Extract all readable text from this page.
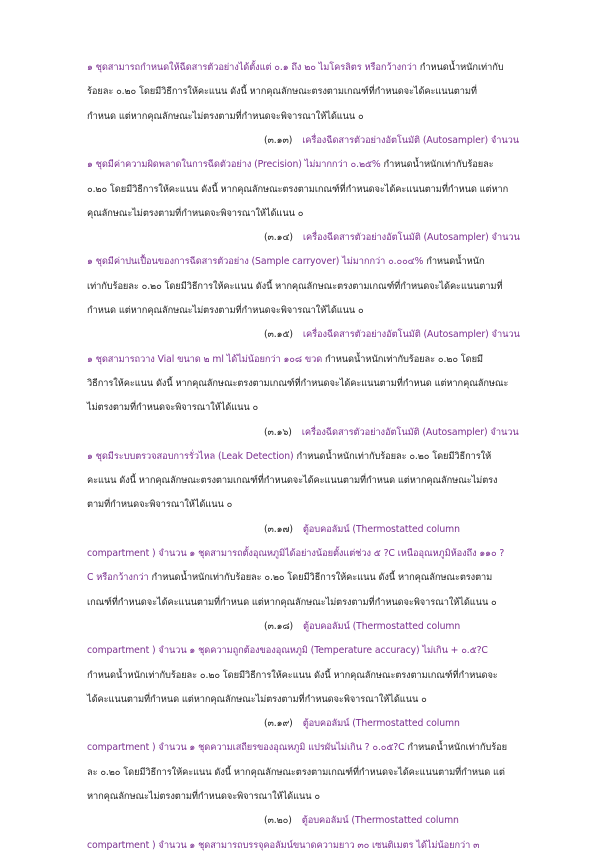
๑ ชุดสามารถกำหนดให้ฉีดสารตัวอย่างได้ตั้งแต่ ๐.๑ ถึง ๒๐ ไมโครลิตร หรือกว้างกว่า กำหนดน้ำหนักเท่ากับ
ร้อยละ ๐.๒๐ โดยมีวิธีการให้คะแนน ดังนี้ หากคุณลักษณะตรงตามเกณฑ์ที่กำหนดจะได้คะแนนตามที่
กำหนด แต่หากคุณลักษณะไม่ตรงตามที่กำหนดจะพิจารณาให้ได้แนน ๐
(๓.๑๓) เครื่องฉีดสารตัวอย่างอัตโนมัติ (Autosampler) จำนวน
๑ ชุดมีค่าความผิดพลาดในการฉีดตัวอย่าง (Precision) ไม่มากกว่า ๐.๒๕% กำหนดน้ำหนักเท่ากับร้อยละ
๐.๒๐ โดยมีวิธีการให้คะแนน ดังนี้ หากคุณลักษณะตรงตามเกณฑ์ที่กำหนดจะได้คะแนนตามที่กำหนด แต่หาก
คุณลักษณะไม่ตรงตามที่กำหนดจะพิจารณาให้ได้แนน ๐
(๓.๑๔) เครื่องฉีดสารตัวอย่างอัตโนมัติ (Autosampler) จำนวน
๑ ชุดมีค่าปนเปื้อนของการฉีดสารตัวอย่าง (Sample carryover) ไม่มากกว่า ๐.๐๐๔% กำหนดน้ำหนัก
เท่ากับร้อยละ ๐.๒๐ โดยมีวิธีการให้คะแนน ดังนี้ หากคุณลักษณะตรงตามเกณฑ์ที่กำหนดจะได้คะแนนตามที่
กำหนด แต่หากคุณลักษณะไม่ตรงตามที่กำหนดจะพิจารณาให้ได้แนน ๐
(๓.๑๕) เครื่องฉีดสารตัวอย่างอัตโนมัติ (Autosampler) จำนวน
๑ ชุดสามารถวาง Vial ขนาด ๒ ml ได้ไม่น้อยกว่า ๑๐๘ ขวด กำหนดน้ำหนักเท่ากับร้อยละ ๐.๒๐ โดยมี
วิธีการให้คะแนน ดังนี้ หากคุณลักษณะตรงตามเกณฑ์ที่กำหนดจะได้คะแนนตามที่กำหนด แต่หากคุณลักษณะ
ไม่ตรงตามที่กำหนดจะพิจารณาให้ได้แนน ๐
(๓.๑๖) เครื่องฉีดสารตัวอย่างอัตโนมัติ (Autosampler) จำนวน
๑ ชุดมีระบบตรวจสอบการรั่วไหล (Leak Detection) กำหนดน้ำหนักเท่ากับร้อยละ ๐.๒๐ โดยมีวิธีการให้
คะแนน ดังนี้ หากคุณลักษณะตรงตามเกณฑ์ที่กำหนดจะได้คะแนนตามที่กำหนด แต่หากคุณลักษณะไม่ตรง
ตามที่กำหนดจะพิจารณาให้ได้แนน ๐
(๓.๑๗) ตู้อบคอลัมน์ (Thermostatted column
compartment ) จำนวน ๑ ชุดสามารถตั้งอุณหภูมิได้อย่างน้อยตั้งแต่ช่วง ๕ ?C เหนืออุณหภูมิห้องถึง ๑๑๐ ?
C หรือกว้างกว่า กำหนดน้ำหนักเท่ากับร้อยละ ๐.๒๐ โดยมีวิธีการให้คะแนน ดังนี้ หากคุณลักษณะตรงตาม
เกณฑ์ที่กำหนดจะได้คะแนนตามที่กำหนด แต่หากคุณลักษณะไม่ตรงตามที่กำหนดจะพิจารณาให้ได้แนน ๐
(๓.๑๘) ตู้อบคอลัมน์ (Thermostatted column
compartment ) จำนวน ๑ ชุดความถูกต้องของอุณหภูมิ (Temperature accuracy) ไม่เกิน + ๐.๕?C
กำหนดน้ำหนักเท่ากับร้อยละ ๐.๒๐ โดยมีวิธีการให้คะแนน ดังนี้ หากคุณลักษณะตรงตามเกณฑ์ที่กำหนดจะ
ได้คะแนนตามที่กำหนด แต่หากคุณลักษณะไม่ตรงตามที่กำหนดจะพิจารณาให้ได้แนน ๐
(๓.๑๙) ตู้อบคอลัมน์ (Thermostatted column
compartment ) จำนวน ๑ ชุดความเสถียรของอุณหภูมิ แปรผันไม่เกิน ? ๐.๐๕?C กำหนดน้ำหนักเท่ากับร้อย
ละ ๐.๒๐ โดยมีวิธีการให้คะแนน ดังนี้ หากคุณลักษณะตรงตามเกณฑ์ที่กำหนดจะได้คะแนนตามที่กำหนด แต่
หากคุณลักษณะไม่ตรงตามที่กำหนดจะพิจารณาให้ได้แนน ๐
(๓.๒๐) ตู้อบคอลัมน์ (Thermostatted column
compartment ) จำนวน ๑ ชุดสามารถบรรจุคอลัมน์ขนาดความยาว ๓๐ เซนติเมตร ได้ไม่น้อยกว่า ๓
